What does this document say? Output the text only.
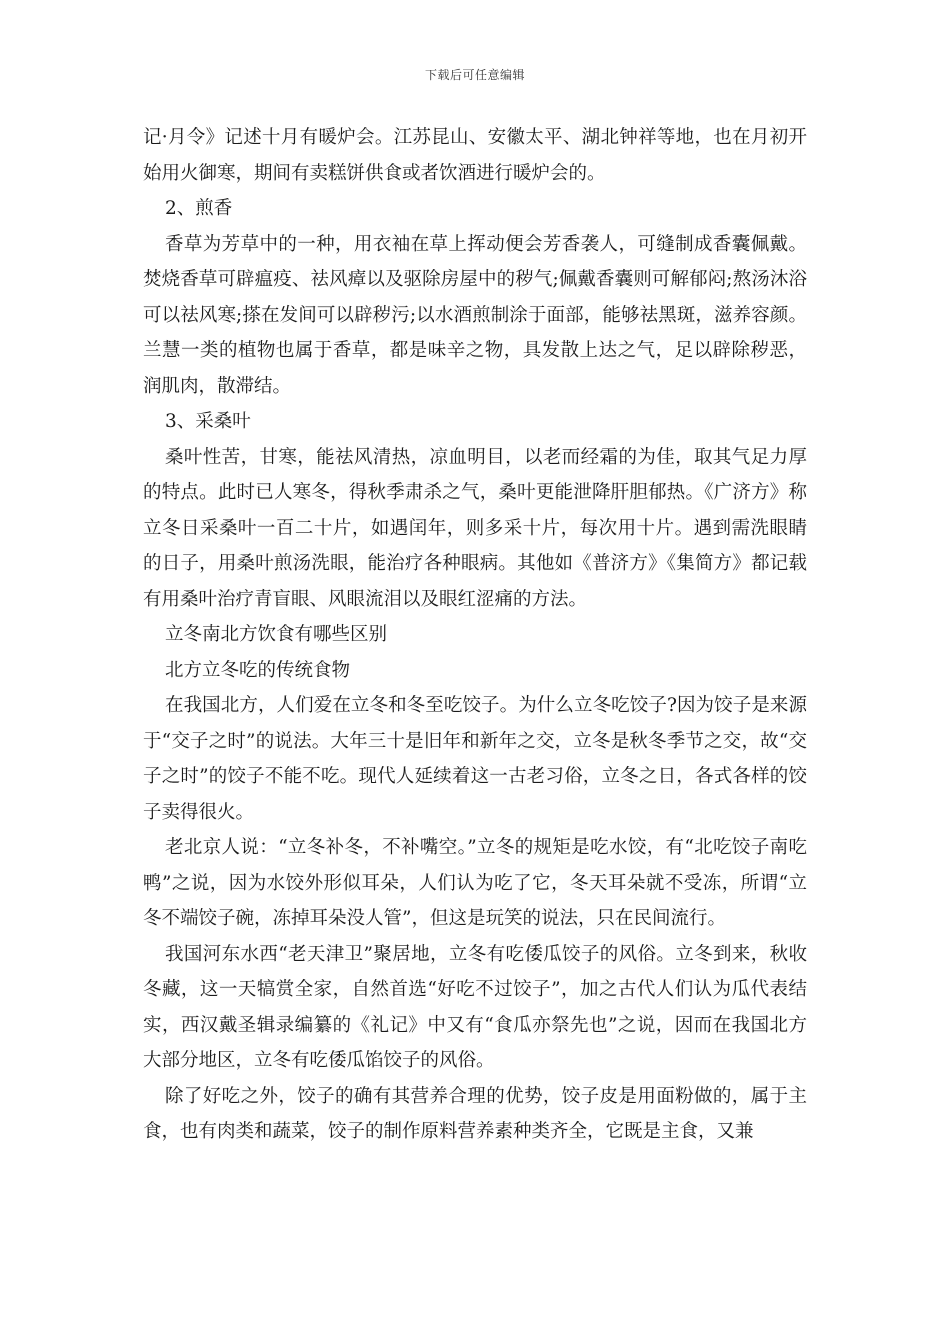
下载后可任意编辑

记·月令》记述十月有暖炉会。江苏昆山、安徽太平、湖北钟祥等地，也在月初开始用火御寒，期间有卖糕饼供食或者饮酒进行暖炉会的。

2、煎香

香草为芳草中的一种，用衣袖在草上挥动便会芳香袭人，可缝制成香囊佩戴。焚烧香草可辟瘟疫、祛风瘴以及驱除房屋中的秽气;佩戴香囊则可解郁闷;熬汤沐浴可以祛风寒;搽在发间可以辟秽污;以水酒煎制涂于面部，能够祛黑斑，滋养容颜。兰慧一类的植物也属于香草，都是味辛之物，具发散上达之气，足以辟除秽恶，润肌肉，散滞结。

3、采桑叶

桑叶性苦，甘寒，能祛风清热，凉血明目，以老而经霜的为佳，取其气足力厚的特点。此时已人寒冬，得秋季肃杀之气，桑叶更能泄降肝胆郁热。《广济方》称立冬日采桑叶一百二十片，如遇闰年，则多采十片，每次用十片。遇到需洗眼睛的日子，用桑叶煎汤洗眼，能治疗各种眼病。其他如《普济方》《集简方》都记载有用桑叶治疗青盲眼、风眼流泪以及眼红涩痛的方法。

立冬南北方饮食有哪些区别

北方立冬吃的传统食物

在我国北方，人们爱在立冬和冬至吃饺子。为什么立冬吃饺子?因为饺子是来源于“交子之时”的说法。大年三十是旧年和新年之交，立冬是秋冬季节之交，故“交子之时”的饺子不能不吃。现代人延续着这一古老习俗，立冬之日，各式各样的饺子卖得很火。

老北京人说：“立冬补冬，不补嘴空。”立冬的规矩是吃水饺，有“北吃饺子南吃鸭”之说，因为水饺外形似耳朵，人们认为吃了它，冬天耳朵就不受冻，所谓“立冬不端饺子碗，冻掉耳朵没人管”，但这是玩笑的说法，只在民间流行。

我国河东水西“老天津卫”聚居地，立冬有吃倭瓜饺子的风俗。立冬到来，秋收冬藏，这一天犒赏全家，自然首选“好吃不过饺子”，加之古代人们认为瓜代表结实，西汉戴圣辑录编纂的《礼记》中又有“食瓜亦祭先也”之说，因而在我国北方大部分地区，立冬有吃倭瓜馅饺子的风俗。

除了好吃之外，饺子的确有其营养合理的优势，饺子皮是用面粉做的，属于主食，也有肉类和蔬菜，饺子的制作原料营养素种类齐全，它既是主食，又兼
